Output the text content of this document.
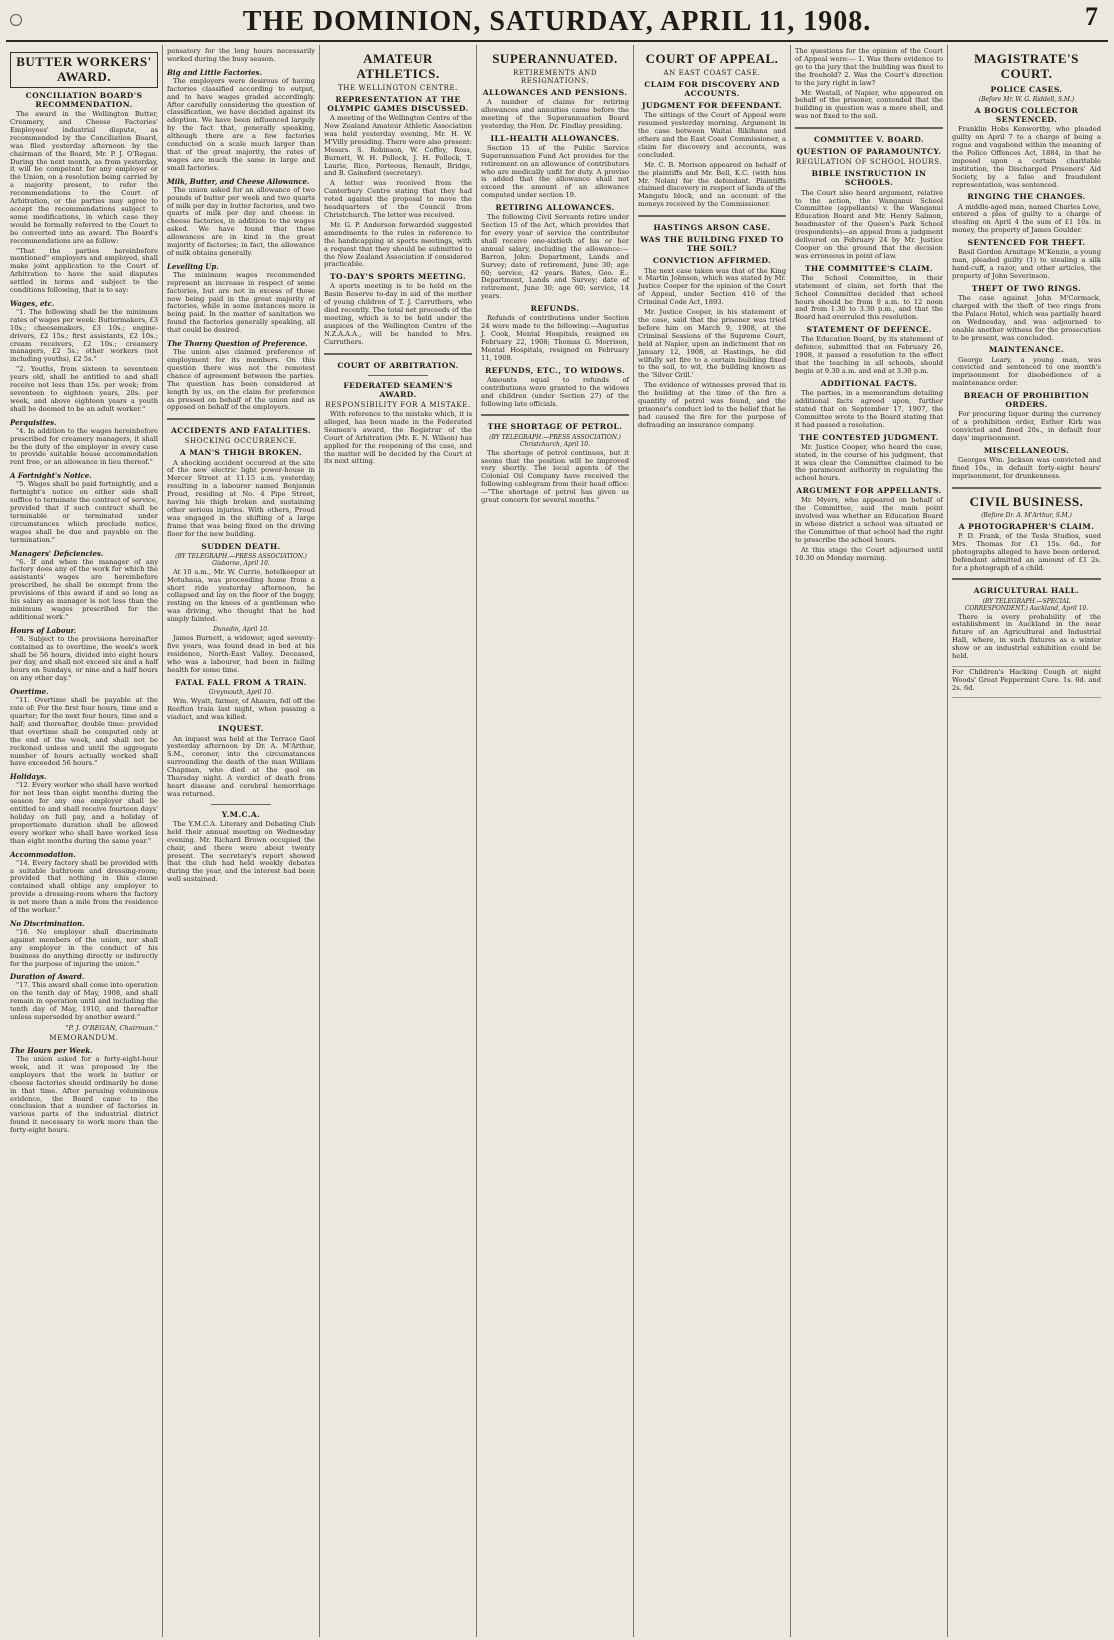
THE DOMINION, SATURDAY, APRIL 11, 1908.	7
BUTTER WORKERS' AWARD.
CONCILIATION BOARD'S RECOMMENDATION.

The award in the Wellington Butter, Creamery, and Cheese Factories' Employees' industrial dispute, as recommended by the Conciliation Board, was filed yesterday afternoon by the chairman of the Board, Mr. P. J. O'Regan. During the next month, as from yesterday, it will be competent for any employer or the Union, on a resolution being carried by a majority present, to refer the recommendations to the Court of Arbitration, or the parties may agree to accept the recommendations subject to some modifications, in which case they would be formally referred to the Court to be converted into an award. The Board's recommendations are as follow:

"That the parties hereinbefore mentioned" employers and employed, shall make joint application to the Court of Arbitration to have the said disputes settled in terms and subject to the conditions following, that is to say:

Wages, etc.

"1. The following shall be the minimum rates of wages per week: Buttermakers, £3 10s.; cheesemakers, £3 10s.; engine-drivers, £2 15s.; first assistants, £2 10s.; cream receivers, £2 10s.; creamery managers, £2 5s.; other workers (not including youths), £2 5s."

"2. Youths, from sixteen to seventeen years old, shall be entitled to and shall receive not less than 15s. per week; from seventeen to eighteen years, 20s. per week, and above eighteen years a youth shall be deemed to be an adult worker."

Perquisites.

"4. In addition to the wages hereinbefore prescribed for creamery managers, it shall be the duty of the employer in every case to provide suitable house accommodation rent free, or an allowance in lieu thereof."

A Fortnight's Notice.

"5. Wages shall be paid fortnightly, and a fortnight's notice on either side shall suffice to terminate the contract of service, provided that if such contract shall be terminable or terminated under circumstances which preclude notice, wages shall be due and payable on the termination."

Managers' Deficiencies.

"6. If and when the manager of any factory does any of the work for which the assistants' wages are hereinbefore prescribed, he shall be exempt from the provisions of this award if and so long as his salary as manager is not less than the minimum wages prescribed for the additional work."

Hours of Labour.

"8. Subject to the provisions hereinafter contained as to overtime, the week's work shall be 56 hours, divided into eight hours per day, and shall not exceed six and a half hours on Sundays, or nine and a half hours on any other day."

Overtime.

"11. Overtime shall be payable at the rate of: For the first four hours, time and a quarter; for the next four hours, time and a half; and thereafter, double time: provided that overtime shall be computed only at the end of the week, and shall not be reckoned unless and until the aggregate number of hours actually worked shall have exceeded 56 hours."

Holidays.

"12. Every worker who shall have worked for not less than eight months during the season for any one employer shall be entitled to and shall receive fourteen days' holiday on full pay, and a holiday of proportionate duration shall be allowed every worker who shall have worked less than eight months during the same year."

Accommodation.

"14. Every factory shall be provided with a suitable bathroom and dressing-room; provided that nothing in this clause contained shall oblige any employer to provide a dressing-room where the factory is not more than a mile from the residence of the worker."

No Discrimination.

"16. No employer shall discriminate against members of the union, nor shall any employer in the conduct of his business do anything directly or indirectly for the purpose of injuring the union."

Duration of Award.

"17. This award shall come into operation on the tenth day of May, 1908, and shall remain in operation until and including the tenth day of May, 1910, and thereafter unless superseded by another award."

"P. J. O'REGAN, Chairman."
MEMORANDUM.
The Hours per Week.

The union asked for a forty-eight-hour week, and it was proposed by the employers that the work in butter or cheese factories should ordinarily be done in that time. After perusing voluminous evidence, the Board came to the conclusion that a number of factories in various parts of the industrial district found it necessary to work more than the forty-eight hours.

pensatory for the long hours necessarily worked during the busy season.

Big and Little Factories.

The employers were desirous of having factories classified according to output, and to have wages graded accordingly. After carefully considering the question of classification, we have decided against its adoption. We have been influenced largely by the fact that, generally speaking, although there are a few factories conducted on a scale much larger than that of the great majority, the rates of wages are much the same in large and small factories.

Milk, Butter, and Cheese Allowance.

The union asked for an allowance of two pounds of butter per week and two quarts of milk per day in butter factories, and two quarts of milk per day and cheese in cheese factories, in addition to the wages asked. We have found that these allowances are in kind in the great majority of factories; in fact, the allowance of milk obtains generally.

Levelling Up.

The minimum wages recommended represent an increase in respect of some factories, but are not in excess of those now being paid in the great majority of factories, while in some instances more is being paid. In the matter of sanitation we found the factories generally speaking, all that could be desired.

The Thorny Question of Preference.

The union also claimed preference of employment for its members. On this question there was not the remotest chance of agreement between the parties. The question has been considered at length by us, on the claim for preference as pressed on behalf of the union and as opposed on behalf of the employers.

ACCIDENTS AND FATALITIES.
SHOCKING OCCURRENCE.
A MAN'S THIGH BROKEN.

A shocking accident occurred at the site of the new electric light power-house in Mercer Street at 11.15 a.m. yesterday, resulting in a labourer named Benjamin Proud, residing at No. 4 Pipe Street, having his thigh broken and sustaining other serious injuries. With others, Proud was engaged in the shifting of a large frame that was being fixed on the driving floor for the new building.

SUDDEN DEATH.
(BY TELEGRAPH.—PRESS ASSOCIATION.) Gisborne, April 10.

At 10 a.m., Mr. W. Currie, hotelkeeper at Motuhaua, was proceeding home from a short ride yesterday afternoon, he collapsed and lay on the floor of the buggy, resting on the knees of a gentleman who was driving, who thought that he had simply fainted.

Dunedin, April 10.

James Burnett, a widower, aged seventy-five years, was found dead in bed at his residence, North-East Valley. Deceased, who was a labourer, had been in failing health for some time.

FATAL FALL FROM A TRAIN.
Greymouth, April 10.

Wm. Wyatt, farmer, of Ahaura, fell off the Reefton train last night, when passing a viaduct, and was killed.

INQUEST.

An inquest was held at the Terrace Gaol yesterday afternoon by Dr. A. M'Arthur, S.M., coroner, into the circumstances surrounding the death of the man William Chapman, who died at the gaol on Thursday night. A verdict of death from heart disease and cerebral hemorrhage was returned.

Y.M.C.A.

The Y.M.C.A. Literary and Debating Club held their annual meeting on Wednesday evening. Mr. Richard Brown occupied the chair, and there were about twenty present. The secretary's report showed that the club had held weekly debates during the year, and the interest had been well sustained.

AMATEUR ATHLETICS.
THE WELLINGTON CENTRE.
REPRESENTATION AT THE OLYMPIC GAMES DISCUSSED.

A meeting of the Wellington Centre of the New Zealand Amateur Athletic Association was held yesterday evening, Mr. H. W. M'Villy presiding. There were also present: Messrs. S. Robinson, W. Coffey, Ross, Burnett, W. H. Pollock, J. H. Pollock, T. Laurie, Rice, Porteous, Renault, Bridge, and B. Gainsford (secretary).

A letter was received from the Canterbury Centre stating that they had voted against the proposal to move the headquarters of the Council from Christchurch. The letter was received.

Mr. G. P. Anderson forwarded suggested amendments to the rules in reference to the handicapping at sports meetings, with a request that they should be submitted to the New Zealand Association if considered practicable.

TO-DAY'S SPORTS MEETING.

A sports meeting is to be held on the Basin Reserve to-day in aid of the mother of young children of T. J. Carruthers, who died recently. The total net proceeds of the meeting, which is to be held under the auspices of the Wellington Centre of the N.Z.A.A.A., will be handed to Mrs. Carruthers.

COURT OF ARBITRATION.
FEDERATED SEAMEN'S AWARD.
RESPONSIBILITY FOR A MISTAKE.

With reference to the mistake which, it is alleged, has been made in the Federated Seamen's award, the Registrar of the Court of Arbitration (Mr. E. N. Wilson) has applied for the reopening of the case, and the matter will be decided by the Court at its next sitting.

SUPERANNUATED.
RETIREMENTS AND RESIGNATIONS.
ALLOWANCES AND PENSIONS.

A number of claims for retiring allowances and annuities came before the meeting of the Superannuation Board yesterday, the Hon. Dr. Findlay presiding.

ILL-HEALTH ALLOWANCES.

Section 15 of the Public Service Superannuation Fund Act provides for the retirement on an allowance of contributors who are medically unfit for duty. A proviso is added that the allowance shall not exceed the amount of an allowance computed under section 19.

RETIRING ALLOWANCES.

The following Civil Servants retire under Section 15 of the Act, which provides that for every year of service the contributor shall receive one-sixtieth of his or her annual salary, including the allowance:—Barron, John: Department, Lands and Survey; date of retirement, June 30; age 60; service, 42 years. Bates, Geo. E.: Department, Lands and Survey; date of retirement, June 30; age 60; service, 14 years.

REFUNDS.

Refunds of contributions under Section 24 were made to the following:—Augustus J. Cook, Mental Hospitals, resigned on February 22, 1908; Thomas G. Morrison, Mental Hospitals, resigned on February 11, 1908.

REFUNDS, ETC., TO WIDOWS.

Amounts equal to refunds of contributions were granted to the widows and children (under Section 27) of the following late officials.

THE SHORTAGE OF PETROL.
(BY TELEGRAPH.—PRESS ASSOCIATION.) Christchurch, April 10.

The shortage of petrol continues, but it seems that the position will be improved very shortly. The local agents of the Colonial Oil Company have received the following cablegram from their head office:—"The shortage of petrol has given us great concern for several months."

COURT OF APPEAL.
AN EAST COAST CASE.
CLAIM FOR DISCOVERY AND ACCOUNTS.
JUDGMENT FOR DEFENDANT.

The sittings of the Court of Appeal were resumed yesterday morning. Argument in the case between Waitai Rikihana and others and the East Coast Commissioner, a claim for discovery and accounts, was concluded.

Mr. C. B. Morison appeared on behalf of the plaintiffs and Mr. Bell, K.C. (with him Mr. Nolan) for the defendant. Plaintiffs claimed discovery in respect of lands of the Mangatu block, and an account of the moneys received by the Commissioner.

HASTINGS ARSON CASE.
WAS THE BUILDING FIXED TO THE SOIL?
CONVICTION AFFIRMED.

The next case taken was that of the King v. Martin Johnson, which was stated by Mr. Justice Cooper for the opinion of the Court of Appeal, under Section 416 of the Criminal Code Act, 1893.

Mr. Justice Cooper, in his statement of the case, said that the prisoner was tried before him on March 9, 1908, at the Criminal Sessions of the Supreme Court, held at Napier, upon an indictment that on January 12, 1908, at Hastings, he did wilfully set fire to a certain building fixed to the soil, to wit, the building known as the 'Silver Grill.'

The evidence of witnesses proved that in the building at the time of the fire a quantity of petrol was found, and the prisoner's conduct led to the belief that he had caused the fire for the purpose of defrauding an insurance company.

The questions for the opinion of the Court of Appeal were:— 1. Was there evidence to go to the jury that the building was fixed to the freehold? 2. Was the Court's direction to the jury right in law?

Mr. Westall, of Napier, who appeared on behalf of the prisoner, contended that the building in question was a mere shell, and was not fixed to the soil.

COMMITTEE V. BOARD.
QUESTION OF PARAMOUNTCY.
REGULATION OF SCHOOL HOURS.
BIBLE INSTRUCTION IN SCHOOLS.

The Court also heard argument, relative to the action, the Wanganui School Committee (appellants) v. the Wanganui Education Board and Mr. Henry Salmon, headmaster of the Queen's Park School (respondents)—an appeal from a judgment delivered on February 24 by Mr. Justice Cooper on the ground that the decision was erroneous in point of law.

THE COMMITTEE'S CLAIM.

The School Committee, in their statement of claim, set forth that the School Committee decided that school hours should be from 9 a.m. to 12 noon and from 1.30 to 3.30 p.m., and that the Board had overruled this resolution.

STATEMENT OF DEFENCE.

The Education Board, by its statement of defence, submitted that on February 26, 1908, it passed a resolution to the effect that the teaching in all schools, should begin at 9.30 a.m. and end at 3.30 p.m.

ADDITIONAL FACTS.

The parties, in a memorandum detailing additional facts agreed upon, further stated that on September 17, 1907, the Committee wrote to the Board stating that it had passed a resolution.

THE CONTESTED JUDGMENT.

Mr. Justice Cooper, who heard the case, stated, in the course of his judgment, that it was clear the Committee claimed to be the paramount authority in regulating the school hours.

ARGUMENT FOR APPELLANTS.

Mr. Myers, who appeared on behalf of the Committee, said the main point involved was whether an Education Board in whose district a school was situated or the Committee of that school had the right to prescribe the school hours.

At this stage the Court adjourned until 10.30 on Monday morning.

MAGISTRATE'S COURT.
POLICE CASES.
(Before Mr. W. G. Riddell, S.M.)
A BOGUS COLLECTOR SENTENCED.

Franklin Hobs Kenworthy, who pleaded guilty on April 7 to a charge of being a rogue and vagabond within the meaning of the Police Offences Act, 1884, in that he imposed upon a certain charitable institution, the Discharged Prisoners' Aid Society, by a false and fraudulent representation, was sentenced.

RINGING THE CHANGES.

A middle-aged man, named Charles Love, entered a plea of guilty to a charge of stealing on April 4 the sum of £1 10s. in money, the property of James Goulder.

SENTENCED FOR THEFT.

Basil Gordon Armitage M'Kenzie, a young man, pleaded guilty (1) to stealing a silk hand-cuff, a razor, and other articles, the property of John Severinson.

THEFT OF TWO RINGS.

The case against John M'Cormack, charged with the theft of two rings from the Palace Hotel, which was partially heard on Wednesday, and was adjourned to enable another witness for the prosecution to be present, was concluded.

MAINTENANCE.

George Leary, a young man, was convicted and sentenced to one month's imprisonment for disobedience of a maintenance order.

BREACH OF PROHIBITION ORDERS.

For procuring liquor during the currency of a prohibition order, Esther Kirk was convicted and fined 20s., in default four days' imprisonment.

MISCELLANEOUS.

Georges Wm. Jackson was convicted and fined 10s., in default forty-eight hours' imprisonment, for drunkenness.

CIVIL BUSINESS.
(Before Dr. A. M'Arthur, S.M.)
A PHOTOGRAPHER'S CLAIM.

P. D. Frank, of the Tesla Studios, sued Mrs. Thomas for £1 15s. 6d., for photographs alleged to have been ordered. Defendant admitted an amount of £1 2s. for a photograph of a child.

AGRICULTURAL HALL.
(BY TELEGRAPH.—SPECIAL CORRESPONDENT.) Auckland, April 10.

There is every probability of the establishment in Auckland in the near future of an Agricultural and Industrial Hall, where, in such fixtures as a winter show or an industrial exhibition could be held.

For Children's Hacking Cough at night Woods' Great Peppermint Cure. 1s. 6d. and 2s. 6d.
